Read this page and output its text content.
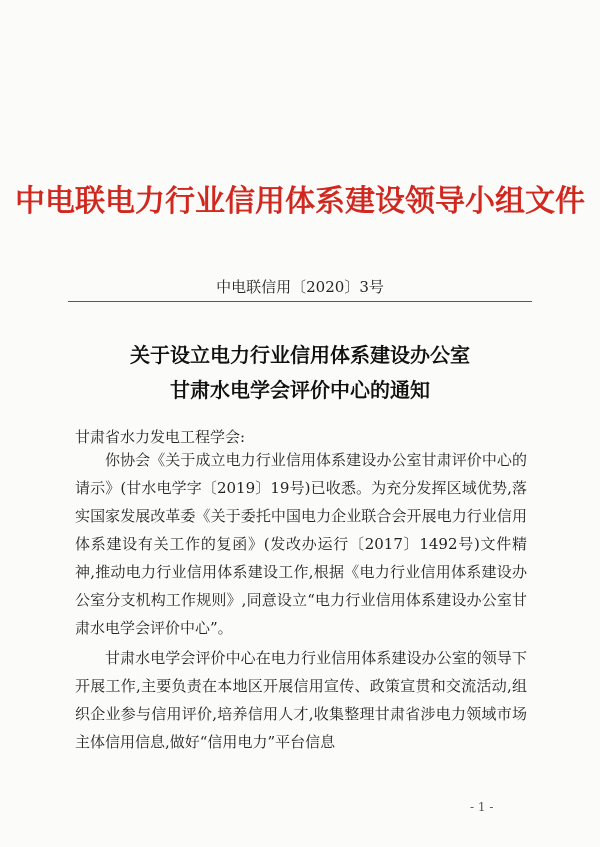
中电联电力行业信用体系建设领导小组文件
中电联信用〔2020〕3号
关于设立电力行业信用体系建设办公室
甘肃水电学会评价中心的通知
甘肃省水力发电工程学会:

你协会《关于成立电力行业信用体系建设办公室甘肃评价中心的请示》(甘水电学字〔2019〕19号)已收悉。为充分发挥区域优势,落实国家发展改革委《关于委托中国电力企业联合会开展电力行业信用体系建设有关工作的复函》(发改办运行〔2017〕1492号)文件精神,推动电力行业信用体系建设工作,根据《电力行业信用体系建设办公室分支机构工作规则》,同意设立“电力行业信用体系建设办公室甘肃水电学会评价中心”。

甘肃水电学会评价中心在电力行业信用体系建设办公室的领导下开展工作,主要负责在本地区开展信用宣传、政策宣贯和交流活动,组织企业参与信用评价,培养信用人才,收集整理甘肃省涉电力领域市场主体信用信息,做好“信用电力”平台信息

- 1 -
